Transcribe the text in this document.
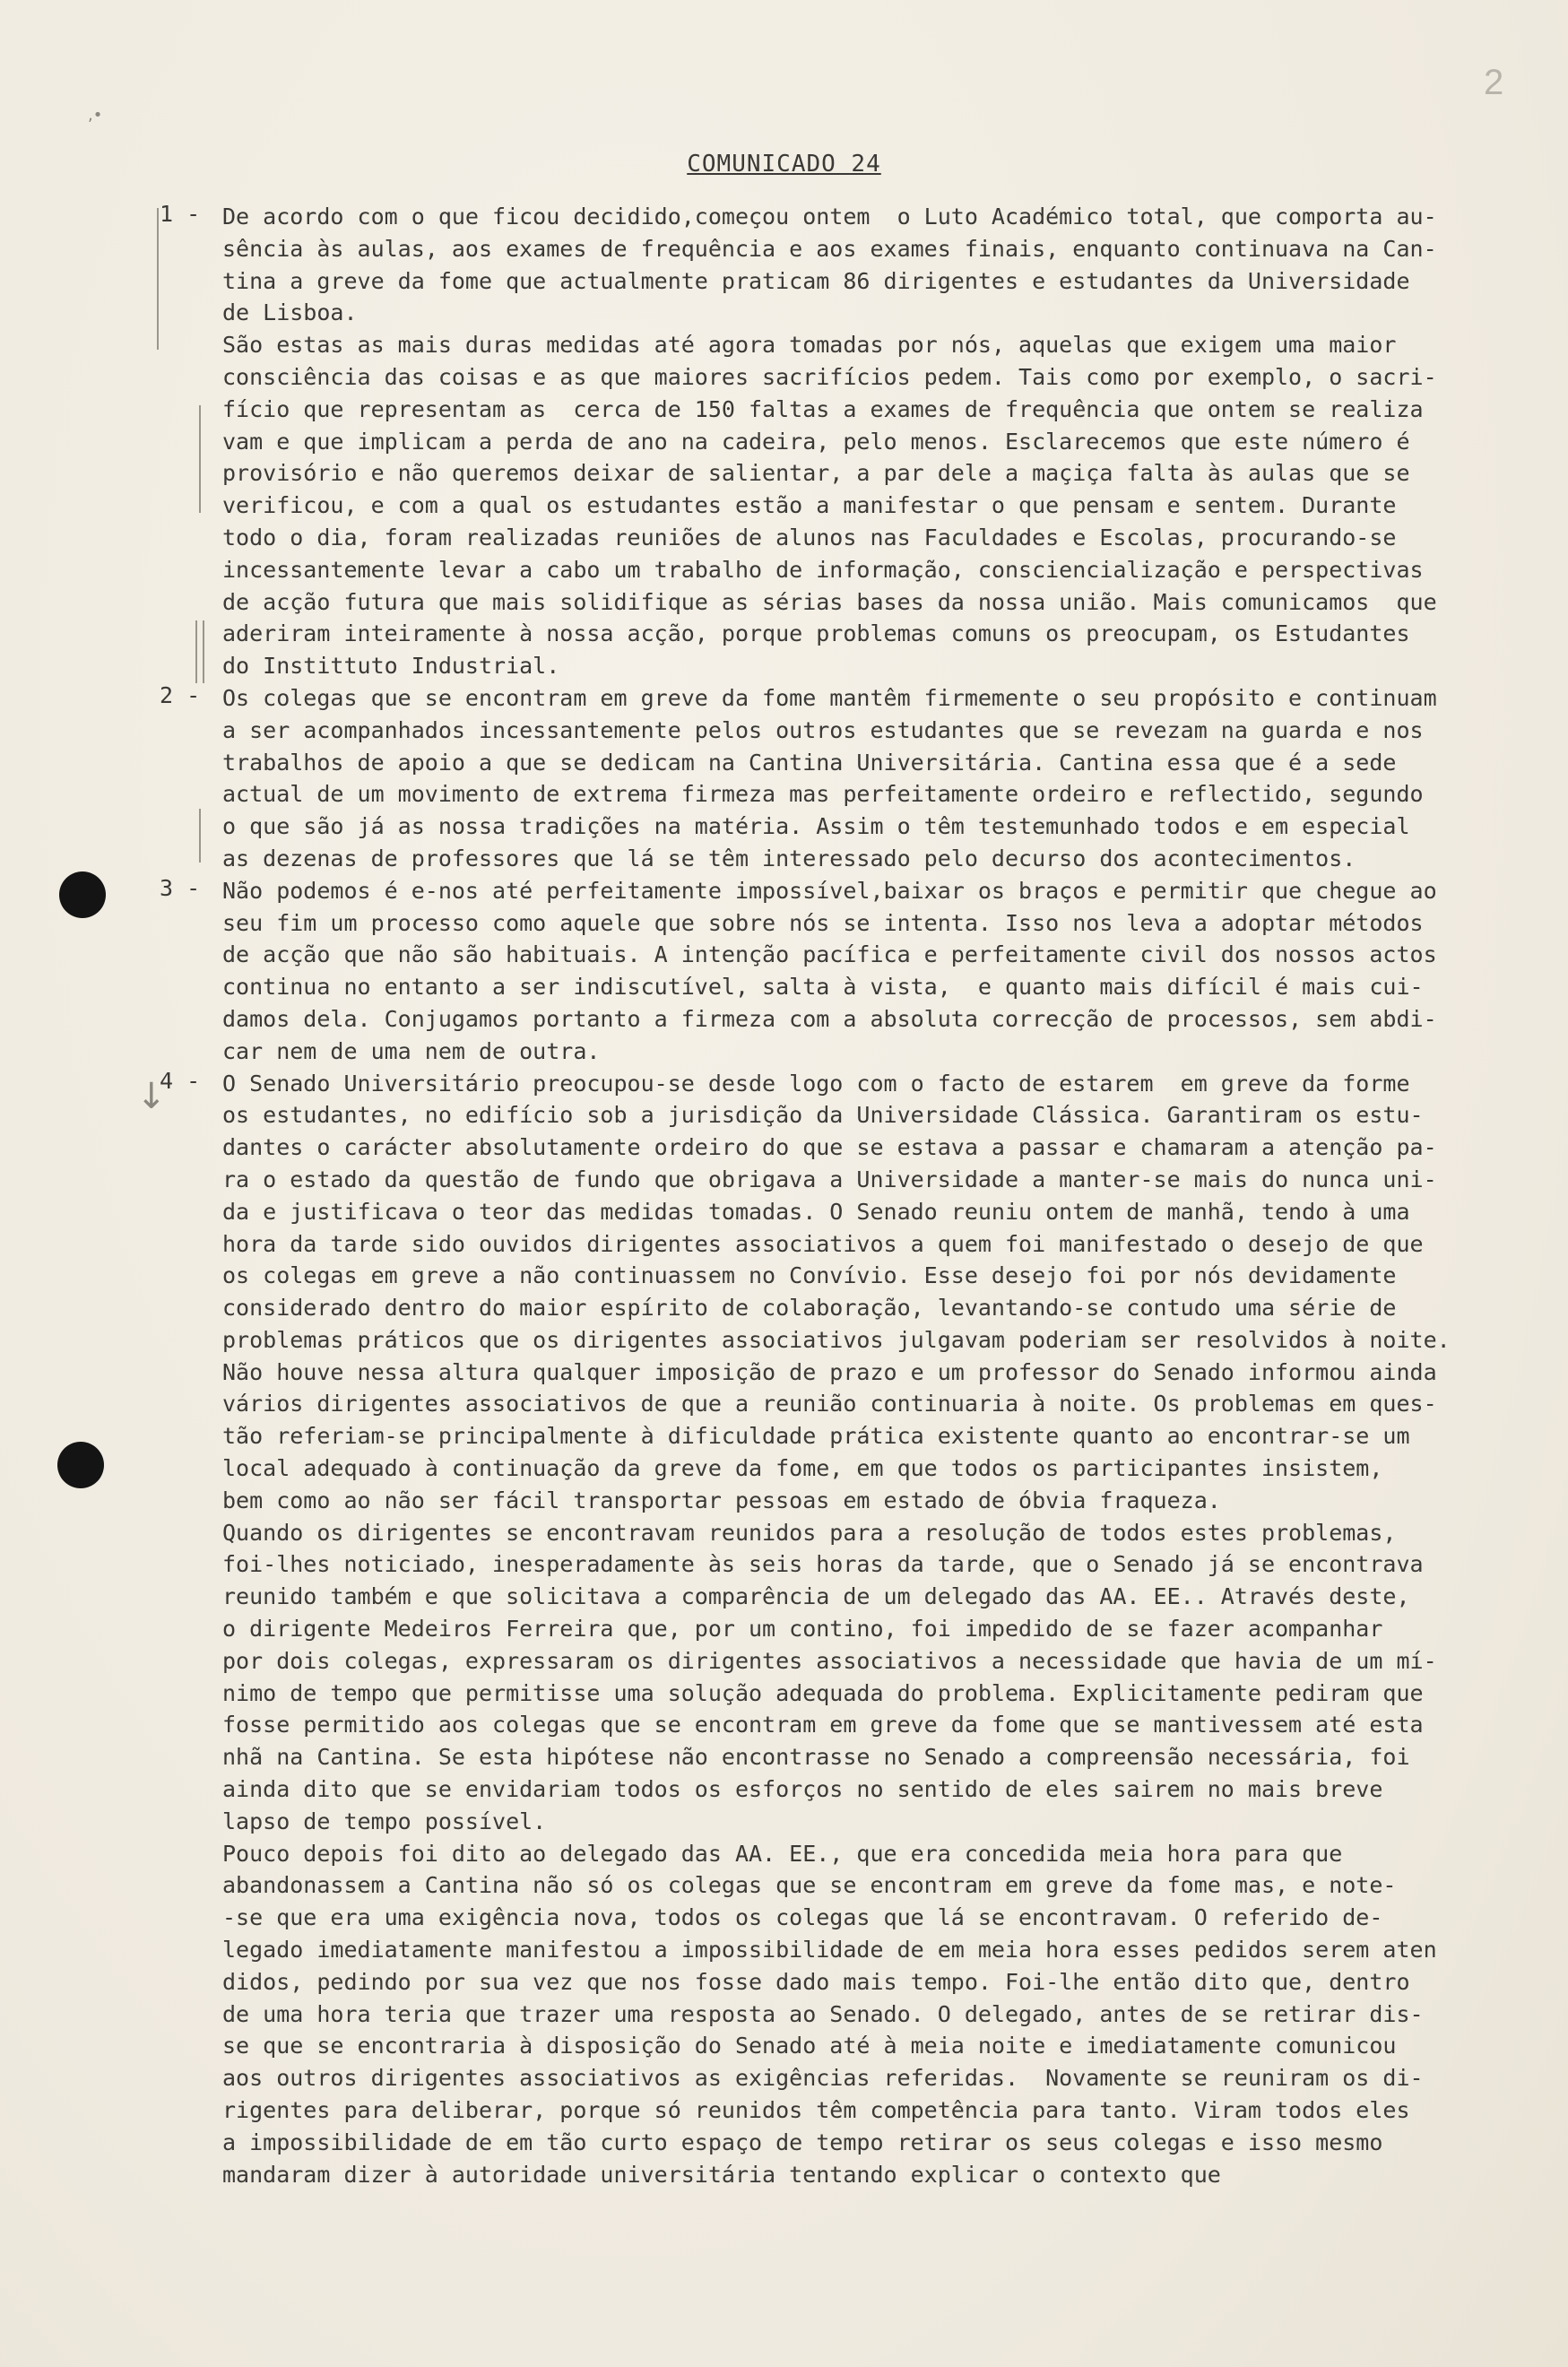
,•
2
↓
COMUNICADO 24
1 - De acordo com o que ficou decidido,começou ontem  o Luto Académico total, que comporta au-
sência às aulas, aos exames de frequência e aos exames finais, enquanto continuava na Can-
tina a greve da fome que actualmente praticam 86 dirigentes e estudantes da Universidade
de Lisboa.
São estas as mais duras medidas até agora tomadas por nós, aquelas que exigem uma maior
consciência das coisas e as que maiores sacrifícios pedem. Tais como por exemplo, o sacri-
fício que representam as  cerca de 150 faltas a exames de frequência que ontem se realiza
vam e que implicam a perda de ano na cadeira, pelo menos. Esclarecemos que este número é
provisório e não queremos deixar de salientar, a par dele a maçiça falta às aulas que se
verificou, e com a qual os estudantes estão a manifestar o que pensam e sentem. Durante
todo o dia, foram realizadas reuniões de alunos nas Faculdades e Escolas, procurando-se
incessantemente levar a cabo um trabalho de informação, consciencialização e perspectivas
de acção futura que mais solidifique as sérias bases da nossa união. Mais comunicamos  que
aderiram inteiramente à nossa acção, porque problemas comuns os preocupam, os Estudantes
do Instittuto Industrial.

2 - Os colegas que se encontram em greve da fome mantêm firmemente o seu propósito e continuam
a ser acompanhados incessantemente pelos outros estudantes que se revezam na guarda e nos
trabalhos de apoio a que se dedicam na Cantina Universitária. Cantina essa que é a sede
actual de um movimento de extrema firmeza mas perfeitamente ordeiro e reflectido, segundo
o que são já as nossa tradições na matéria. Assim o têm testemunhado todos e em especial
as dezenas de professores que lá se têm interessado pelo decurso dos acontecimentos.

3 - Não podemos é e-nos até perfeitamente impossível,baixar os braços e permitir que chegue ao
seu fim um processo como aquele que sobre nós se intenta. Isso nos leva a adoptar métodos
de acção que não são habituais. A intenção pacífica e perfeitamente civil dos nossos actos
continua no entanto a ser indiscutível, salta à vista,  e quanto mais difícil é mais cui-
damos dela. Conjugamos portanto a firmeza com a absoluta correcção de processos, sem abdi-
car nem de uma nem de outra.

4 - O Senado Universitário preocupou-se desde logo com o facto de estarem  em greve da forme
os estudantes, no edifício sob a jurisdição da Universidade Clássica. Garantiram os estu-
dantes o carácter absolutamente ordeiro do que se estava a passar e chamaram a atenção pa-
ra o estado da questão de fundo que obrigava a Universidade a manter-se mais do nunca uni-
da e justificava o teor das medidas tomadas. O Senado reuniu ontem de manhã, tendo à uma
hora da tarde sido ouvidos dirigentes associativos a quem foi manifestado o desejo de que
os colegas em greve a não continuassem no Convívio. Esse desejo foi por nós devidamente
considerado dentro do maior espírito de colaboração, levantando-se contudo uma série de
problemas práticos que os dirigentes associativos julgavam poderiam ser resolvidos à noite.
Não houve nessa altura qualquer imposição de prazo e um professor do Senado informou ainda
vários dirigentes associativos de que a reunião continuaria à noite. Os problemas em ques-
tão referiam-se principalmente à dificuldade prática existente quanto ao encontrar-se um
local adequado à continuação da greve da fome, em que todos os participantes insistem,
bem como ao não ser fácil transportar pessoas em estado de óbvia fraqueza.
Quando os dirigentes se encontravam reunidos para a resolução de todos estes problemas,
foi-lhes noticiado, inesperadamente às seis horas da tarde, que o Senado já se encontrava
reunido também e que solicitava a comparência de um delegado das AA. EE.. Através deste,
o dirigente Medeiros Ferreira que, por um contino, foi impedido de se fazer acompanhar
por dois colegas, expressaram os dirigentes associativos a necessidade que havia de um mí-
nimo de tempo que permitisse uma solução adequada do problema. Explicitamente pediram que
fosse permitido aos colegas que se encontram em greve da fome que se mantivessem até esta
nhã na Cantina. Se esta hipótese não encontrasse no Senado a compreensão necessária, foi
ainda dito que se envidariam todos os esforços no sentido de eles sairem no mais breve
lapso de tempo possível.
Pouco depois foi dito ao delegado das AA. EE., que era concedida meia hora para que
abandonassem a Cantina não só os colegas que se encontram em greve da fome mas, e note-
-se que era uma exigência nova, todos os colegas que lá se encontravam. O referido de-
legado imediatamente manifestou a impossibilidade de em meia hora esses pedidos serem aten
didos, pedindo por sua vez que nos fosse dado mais tempo. Foi-lhe então dito que, dentro
de uma hora teria que trazer uma resposta ao Senado. O delegado, antes de se retirar dis-
se que se encontraria à disposição do Senado até à meia noite e imediatamente comunicou
aos outros dirigentes associativos as exigências referidas.  Novamente se reuniram os di-
rigentes para deliberar, porque só reunidos têm competência para tanto. Viram todos eles
a impossibilidade de em tão curto espaço de tempo retirar os seus colegas e isso mesmo
mandaram dizer à autoridade universitária tentando explicar o contexto que
